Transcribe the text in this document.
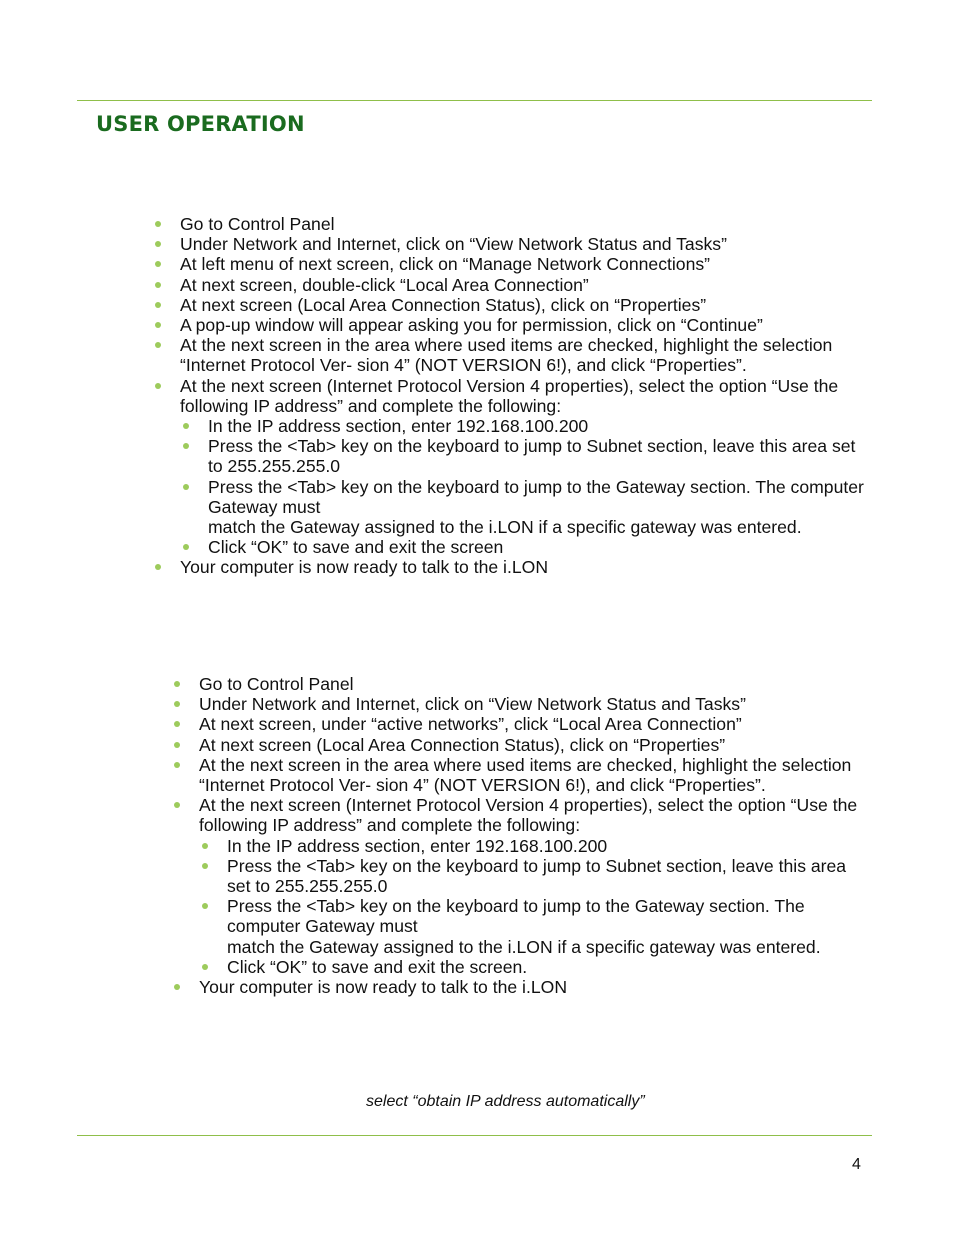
USER OPERATION
Go to Control Panel
Under Network and Internet, click on “View Network Status and Tasks”
At left menu of next screen, click on “Manage Network Connections”
At next screen, double-click “Local Area Connection”
At next screen (Local Area Connection Status), click on “Properties”
A pop-up window will appear asking you for permission, click on “Continue”
At the next screen in the area where used items are checked, highlight the selection “Internet Protocol Ver- sion 4” (NOT VERSION 6!), and click “Properties”.
At the next screen (Internet Protocol Version 4 properties), select the option “Use the following IP address” and complete the following:
In the IP address section, enter 192.168.100.200
Press the <Tab> key on the keyboard to jump to Subnet section, leave this area set to 255.255.255.0
Press the <Tab> key on the keyboard to jump to the Gateway section. The computer Gateway must
match the Gateway assigned to the i.LON if a specific gateway was entered.
Click “OK” to save and exit the screen
Your computer is now ready to talk to the i.LON
Go to Control Panel
Under Network and Internet, click on “View Network Status and Tasks”
At next screen, under “active networks”, click “Local Area Connection”
At next screen (Local Area Connection Status), click on “Properties”
At the next screen in the area where used items are checked, highlight the selection “Internet Protocol Ver- sion 4” (NOT VERSION 6!), and click “Properties”.
At the next screen (Internet Protocol Version 4 properties), select the option “Use the following IP address” and complete the following:
In the IP address section, enter 192.168.100.200
Press the <Tab> key on the keyboard to jump to Subnet section, leave this area set to 255.255.255.0
Press the <Tab> key on the keyboard to jump to the Gateway section. The computer Gateway must
match the Gateway assigned to the i.LON if a specific gateway was entered.
Click “OK” to save and exit the screen.
Your computer is now ready to talk to the i.LON
select “obtain IP address automatically”
4
